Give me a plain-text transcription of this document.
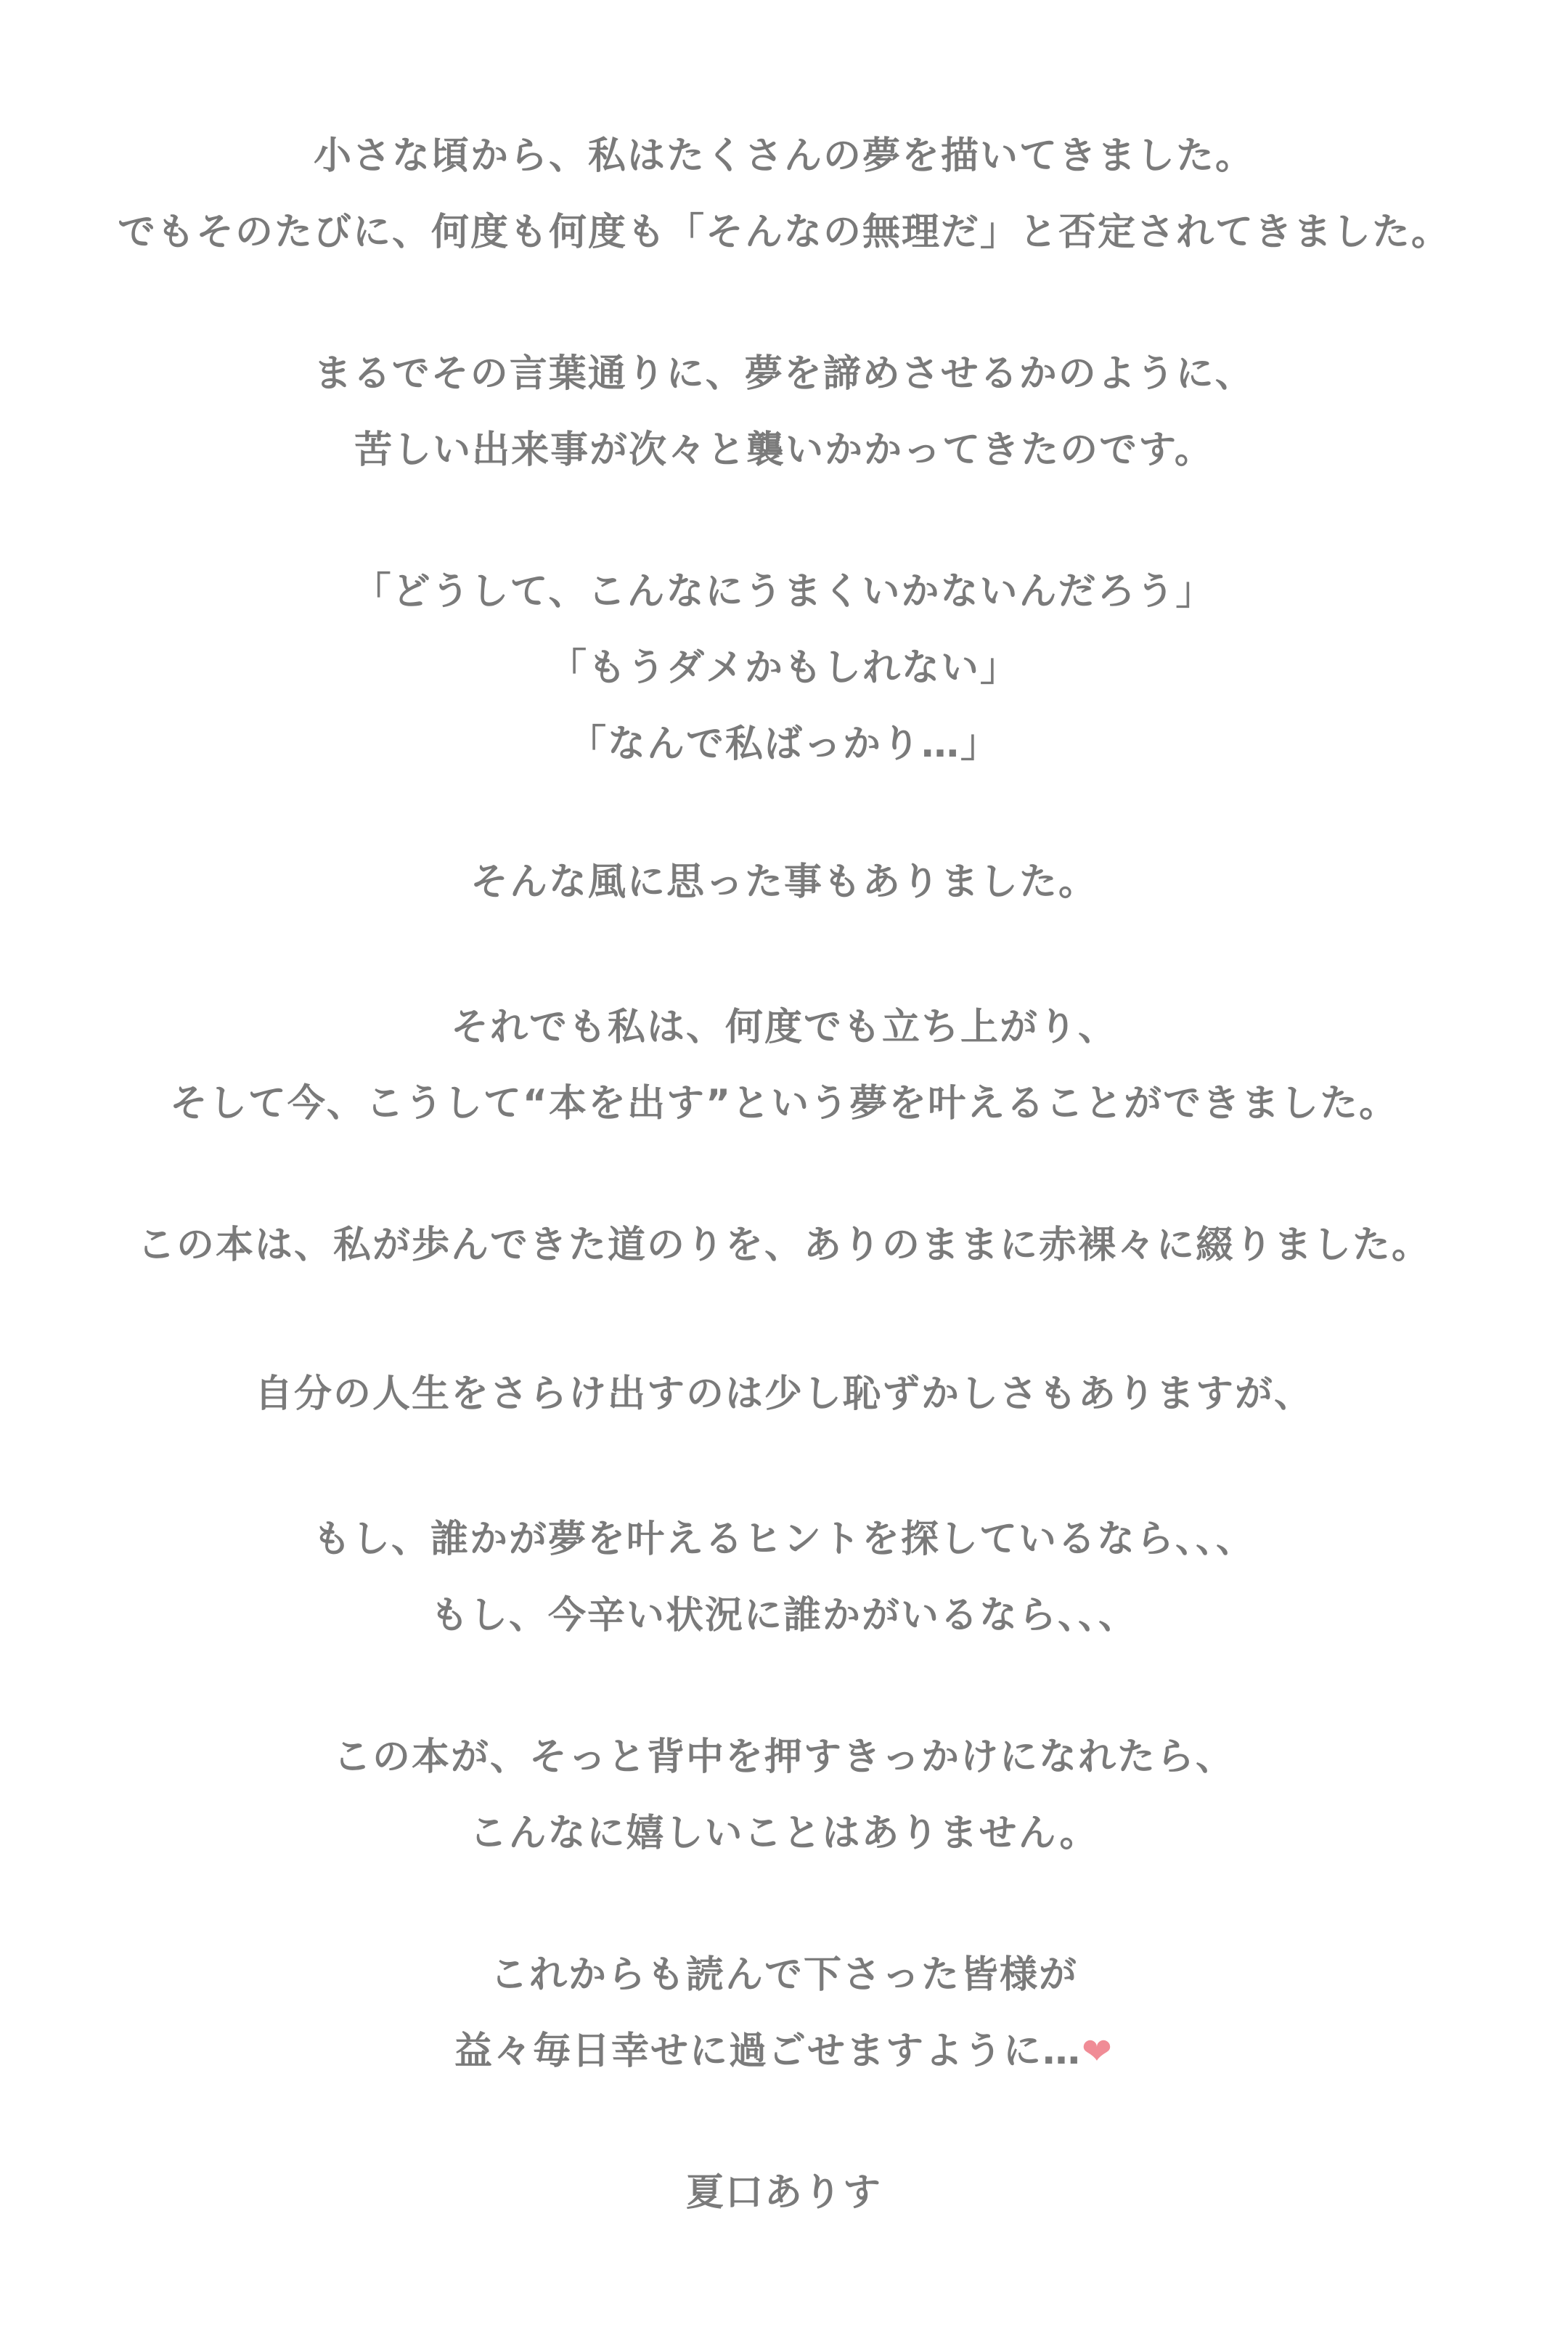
小さな頃から、私はたくさんの夢を描いてきました。
でもそのたびに、何度も何度も「そんなの無理だ」と否定されてきました。
まるでその言葉通りに、夢を諦めさせるかのように、
苦しい出来事が次々と襲いかかってきたのです。
「どうして、こんなにうまくいかないんだろう」
「もうダメかもしれない」
「なんで私ばっかり…」
そんな風に思った事もありました。
それでも私は、何度でも立ち上がり、
そして今、こうして“本を出す”という夢を叶えることができました。
この本は、私が歩んできた道のりを、ありのままに赤裸々に綴りました。
自分の人生をさらけ出すのは少し恥ずかしさもありますが、
もし、誰かが夢を叶えるヒントを探しているなら、、、
もし、今辛い状況に誰かがいるなら、、、
この本が、そっと背中を押すきっかけになれたら、
こんなに嬉しいことはありません。
これからも読んで下さった皆様が
益々毎日幸せに過ごせますように…❤
夏口ありす
